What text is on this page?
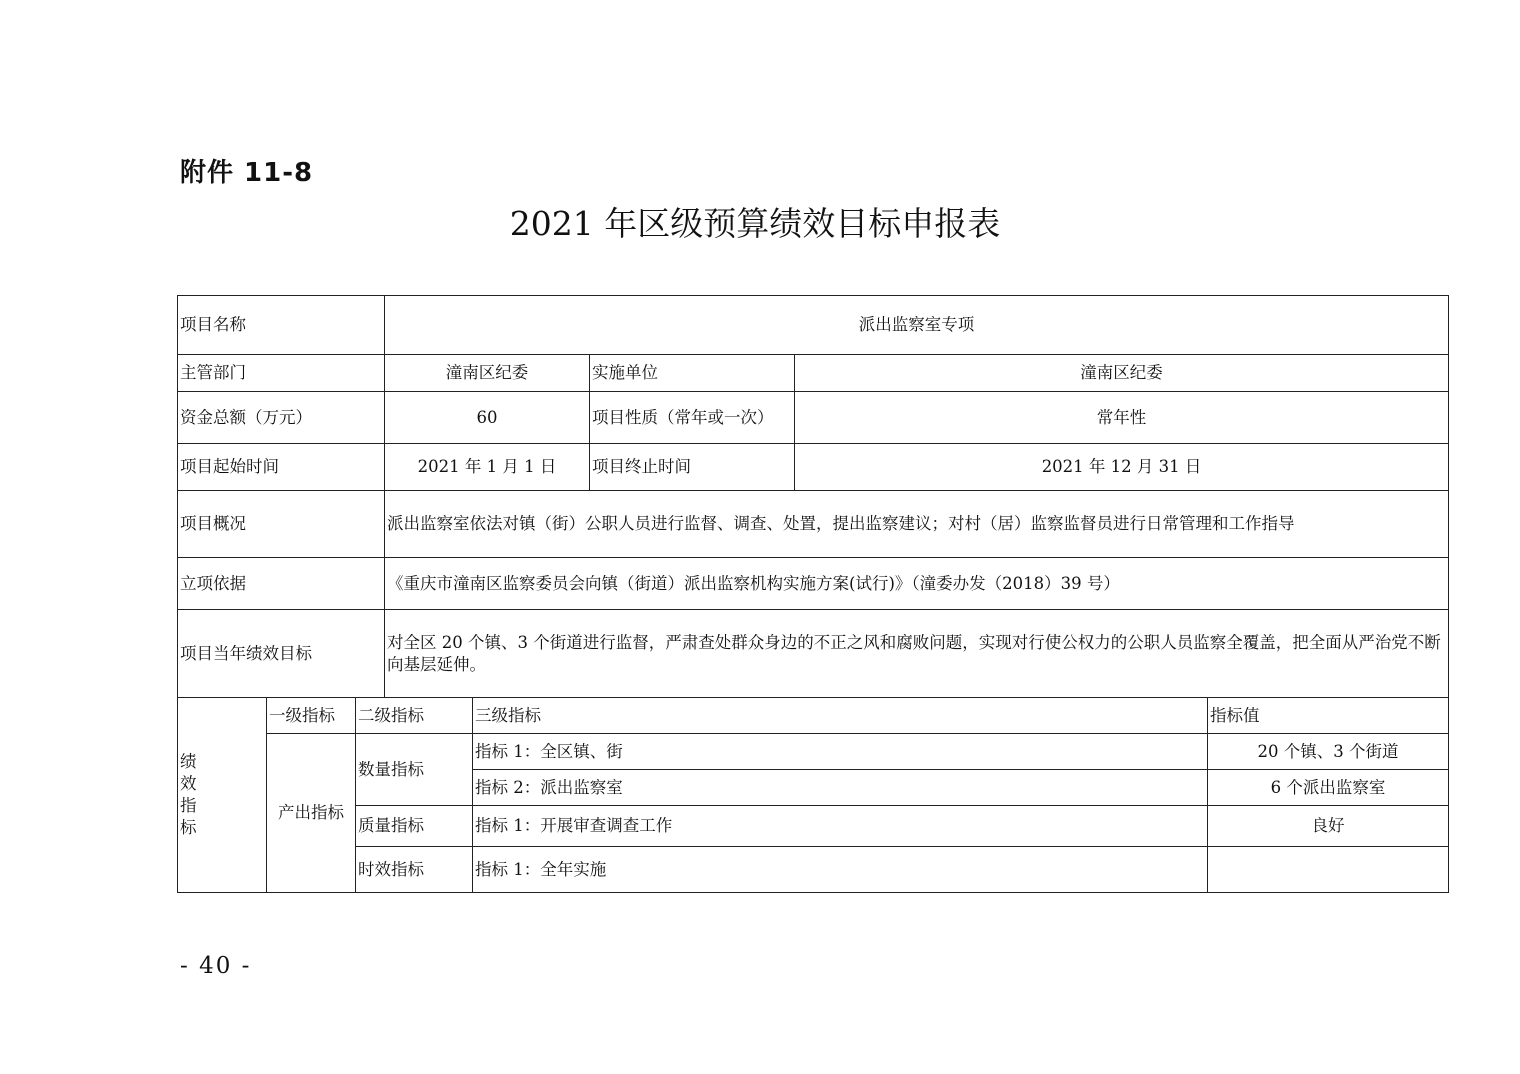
附件 11-8
2021 年区级预算绩效目标申报表
项目名称			派出监察室专项				
主管部门			潼南区纪委		实施单位	潼南区纪委	
资金总额（万元）			60		项目性质（常年或一次）	常年性	
项目起始时间			2021 年 1 月 1 日		项目终止时间	2021 年 12 月 31 日	
项目概况			派出监察室依法对镇（街）公职人员进行监督、调查、处置，提出监察建议；对村（居）监察监督员进行日常管理和工作指导				
立项依据			《重庆市潼南区监察委员会向镇（街道）派出监察机构实施方案(试行)》（潼委办发（2018）39 号）				
项目当年绩效目标			对全区 20 个镇、3 个街道进行监督，严肃查处群众身边的不正之风和腐败问题，实现对行使公权力的公职人员监察全覆盖，把全面从严治党不断向基层延伸。				

绩
效
指
标	一级指标	二级指标		三级指标			指标值
	产出指标	数量指标		指标 1：全区镇、街			20 个镇、3 个街道
				指标 2：派出监察室			6 个派出监察室
		质量指标		指标 1：开展审查调查工作			良好
		时效指标		指标 1：全年实施			
- 40 -
